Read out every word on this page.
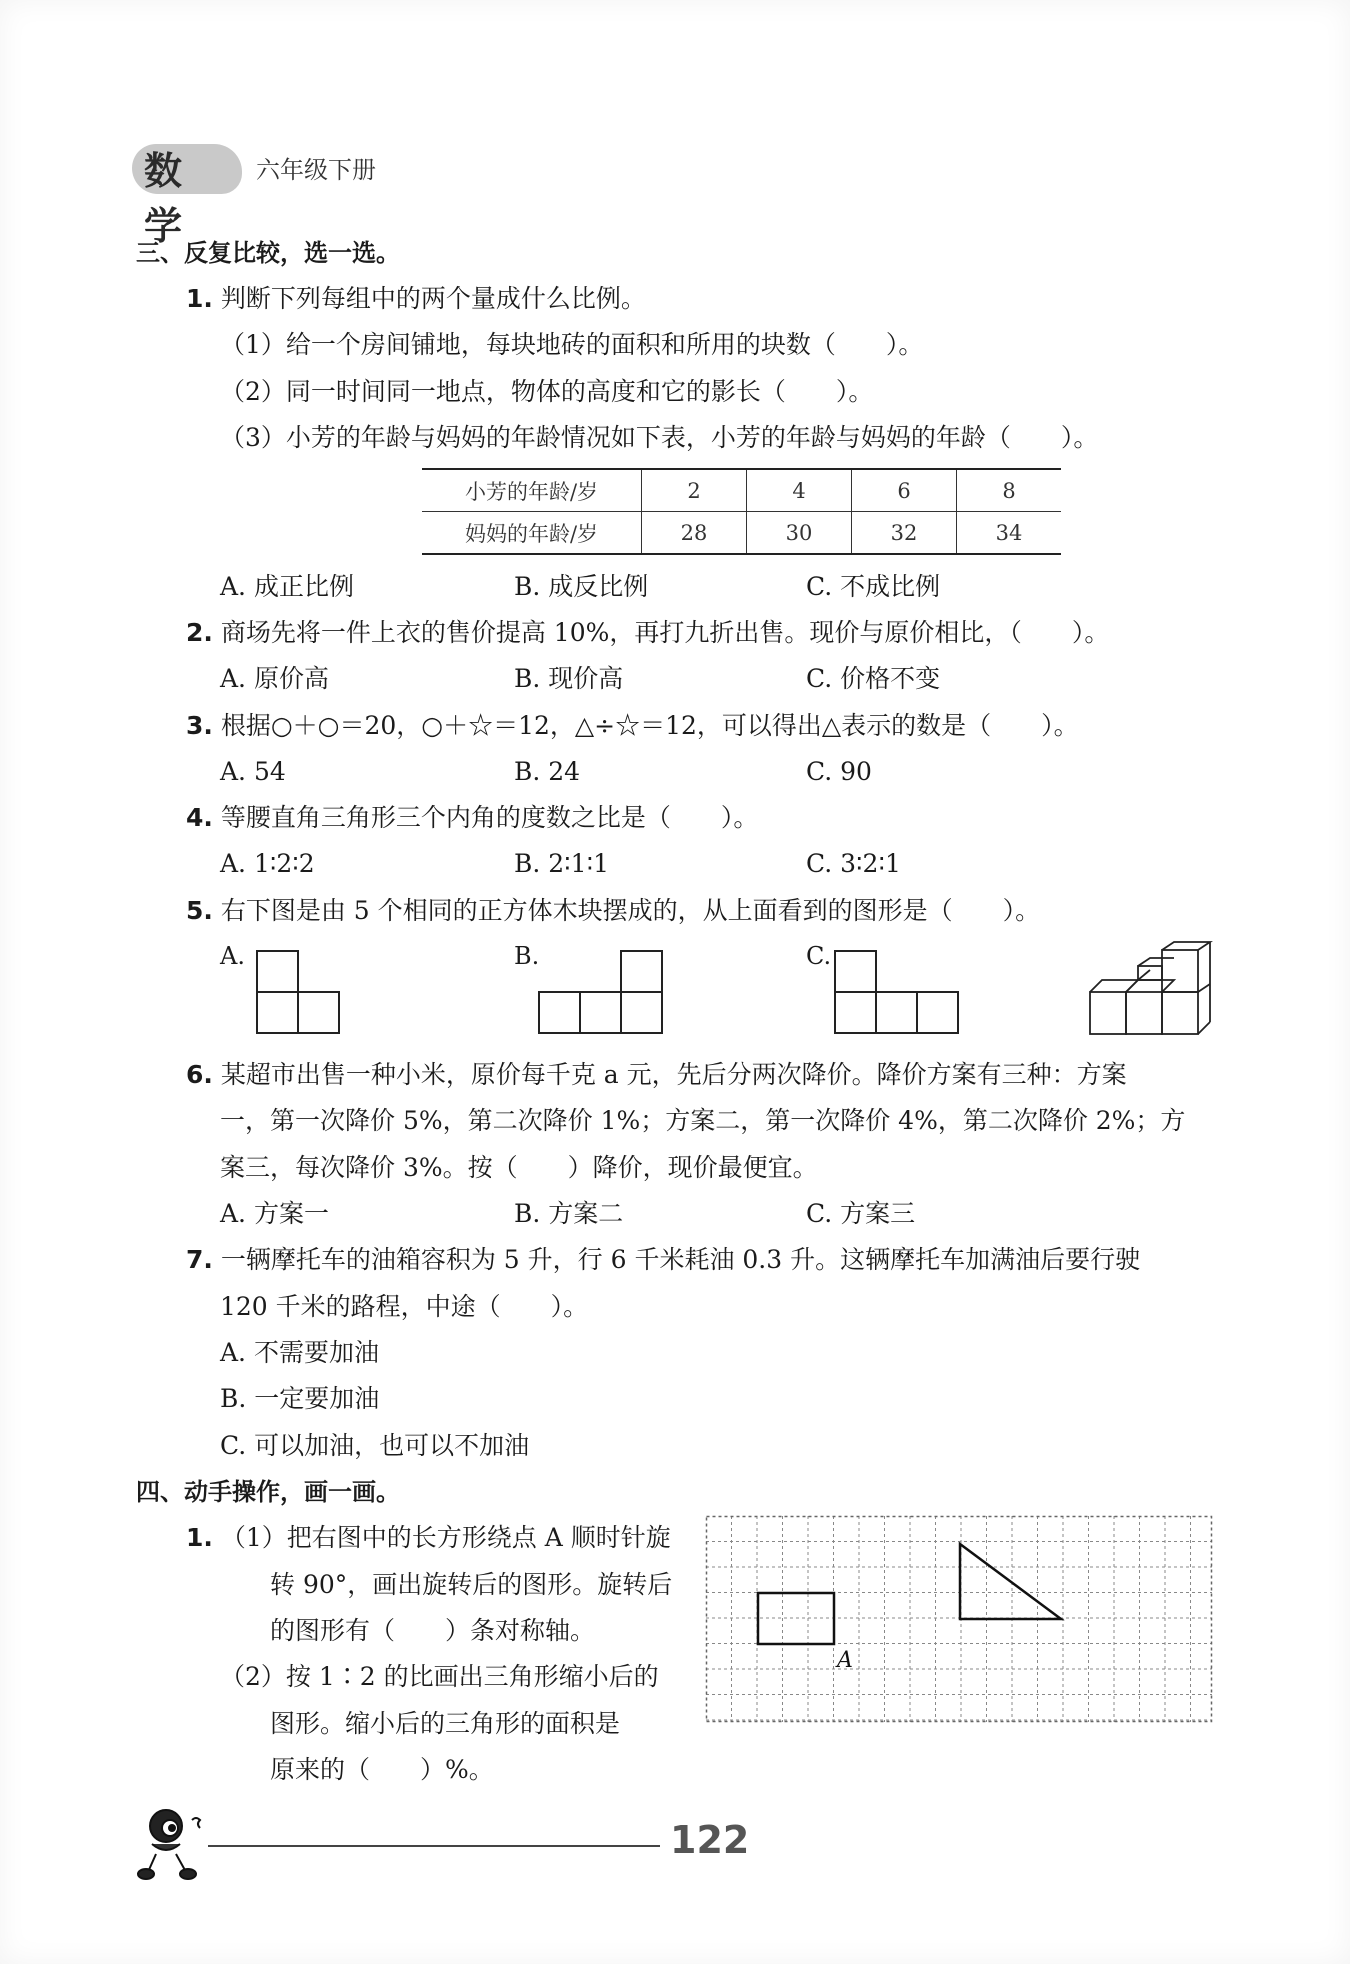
数学
六年级下册
三、反复比较，选一选。
1. 判断下列每组中的两个量成什么比例。
（1）给一个房间铺地，每块地砖的面积和所用的块数（　　）。
（2）同一时间同一地点，物体的高度和它的影长（　　）。
（3）小芳的年龄与妈妈的年龄情况如下表，小芳的年龄与妈妈的年龄（　　）。
小芳的年龄/岁	2	4	6	8
妈妈的年龄/岁	28	30	32	34
A. 成正比例	B. 成反比例	C. 不成比例
2. 商场先将一件上衣的售价提高 10%，再打九折出售。现价与原价相比，（　　）。
A. 原价高	B. 现价高	C. 价格不变
3. 根据○＋○＝20，○＋☆＝12，△÷☆＝12，可以得出△表示的数是（　　）。
A. 54	B. 24	C. 90
4. 等腰直角三角形三个内角的度数之比是（　　）。
A. 1∶2∶2	B. 2∶1∶1	C. 3∶2∶1
5. 右下图是由 5 个相同的正方体木块摆成的，从上面看到的图形是（　　）。
A.	B.	C.
6. 某超市出售一种小米，原价每千克 a 元，先后分两次降价。降价方案有三种：方案
一，第一次降价 5%，第二次降价 1%；方案二，第一次降价 4%，第二次降价 2%；方
案三，每次降价 3%。按（　　）降价，现价最便宜。
A. 方案一	B. 方案二	C. 方案三
7. 一辆摩托车的油箱容积为 5 升，行 6 千米耗油 0.3 升。这辆摩托车加满油后要行驶
120 千米的路程，中途（　　）。
A. 不需要加油
B. 一定要加油
C. 可以加油，也可以不加油
四、动手操作，画一画。
1. （1）把右图中的长方形绕点 A 顺时针旋
转 90°，画出旋转后的图形。旋转后
的图形有（　　）条对称轴。
（2）按 1∶2 的比画出三角形缩小后的
图形。缩小后的三角形的面积是
原来的（　　）%。
A
122
